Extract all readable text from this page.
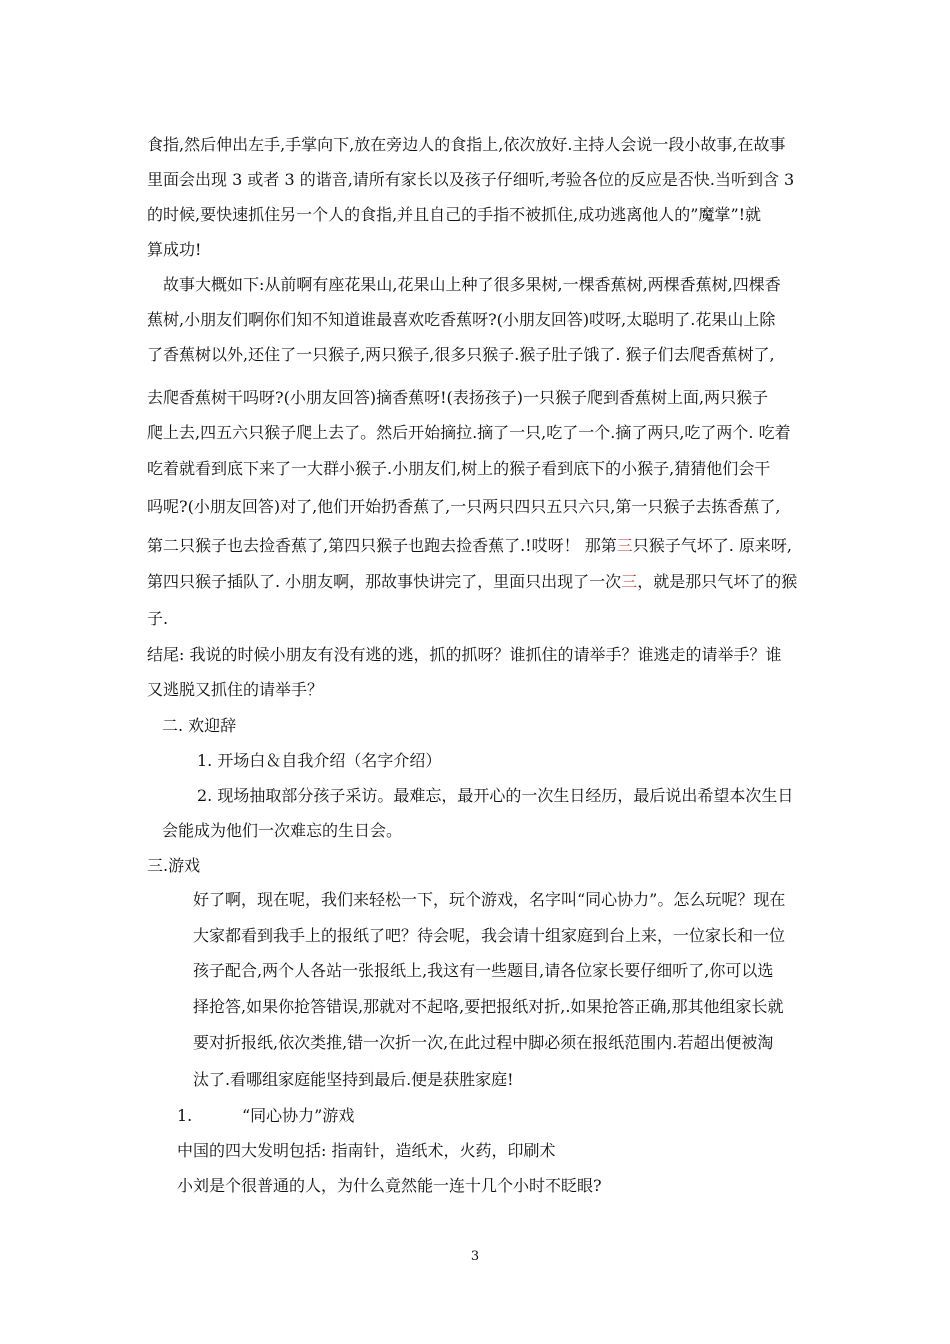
食指,然后伸出左手,手掌向下,放在旁边人的食指上,依次放好.主持人会说一段小故事,在故事
里面会出现 3 或者 3 的谐音,请所有家长以及孩子仔细听,考验各位的反应是否快.当听到含 3
的时候,要快速抓住另一个人的食指,并且自己的手指不被抓住,成功逃离他人的”魔掌”!就
算成功!
故事大概如下:从前啊有座花果山,花果山上种了很多果树,一棵香蕉树,两棵香蕉树,四棵香
蕉树,小朋友们啊你们知不知道谁最喜欢吃香蕉呀?(小朋友回答)哎呀,太聪明了.花果山上除
了香蕉树以外,还住了一只猴子,两只猴子,很多只猴子.猴子肚子饿了. 猴子们去爬香蕉树了,
去爬香蕉树干吗呀?(小朋友回答)摘香蕉呀!(表扬孩子)一只猴子爬到香蕉树上面,两只猴子
爬上去,四五六只猴子爬上去了。然后开始摘拉.摘了一只,吃了一个.摘了两只,吃了两个. 吃着
吃着就看到底下来了一大群小猴子.小朋友们,树上的猴子看到底下的小猴子,猜猜他们会干
吗呢?(小朋友回答)对了,他们开始扔香蕉了,一只两只四只五只六只,第一只猴子去拣香蕉了,
第二只猴子也去捡香蕉了,第四只猴子也跑去捡香蕉了.!哎呀！ 那第三只猴子气坏了. 原来呀,
第四只猴子插队了. 小朋友啊，那故事快讲完了，里面只出现了一次三，就是那只气坏了的猴
子.
结尾: 我说的时候小朋友有没有逃的逃，抓的抓呀？谁抓住的请举手？谁逃走的请举手？谁
又逃脱又抓住的请举手？
二. 欢迎辞
1. 开场白＆自我介绍（名字介绍）
2. 现场抽取部分孩子采访。最难忘，最开心的一次生日经历，最后说出希望本次生日
会能成为他们一次难忘的生日会。
三.游戏
好了啊，现在呢，我们来轻松一下，玩个游戏，名字叫“同心协力”。怎么玩呢？现在
大家都看到我手上的报纸了吧？待会呢，我会请十组家庭到台上来，一位家长和一位
孩子配合,两个人各站一张报纸上,我这有一些题目,请各位家长要仔细听了,你可以选
择抢答,如果你抢答错误,那就对不起咯,要把报纸对折,.如果抢答正确,那其他组家长就
要对折报纸,依次类推,错一次折一次,在此过程中脚必须在报纸范围内.若超出便被淘
汰了.看哪组家庭能坚持到最后.便是获胜家庭!
1.	“同心协力”游戏
中国的四大发明包括: 指南针，造纸术，火药，印刷术
小刘是个很普通的人，为什么竟然能一连十几个小时不眨眼?
3
